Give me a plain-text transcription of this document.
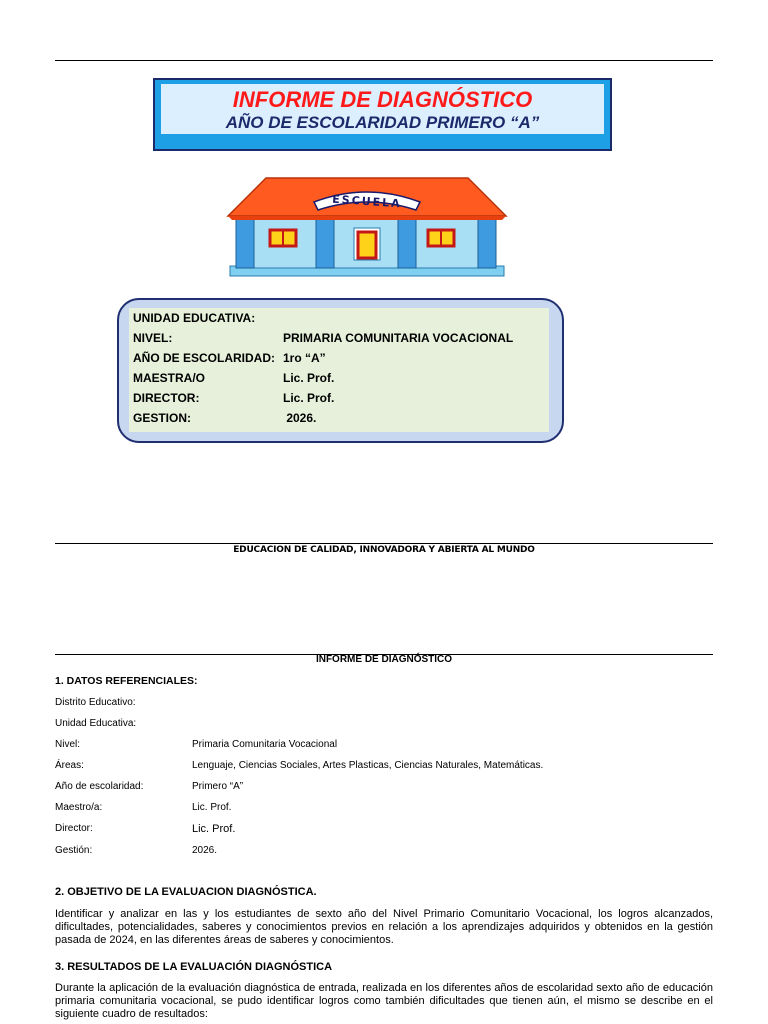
INFORME DE DIAGNÓSTICO
AÑO DE ESCOLARIDAD PRIMERO “A”
ESCUELA
UNIDAD EDUCATIVA:
NIVEL:	PRIMARIA COMUNITARIA VOCACIONAL
AÑO DE ESCOLARIDAD: 1ro “A”
MAESTRA/O	Lic. Prof.
DIRECTOR:	Lic. Prof.
GESTION:	2026.
EDUCACION DE CALIDAD, INNOVADORA Y ABIERTA AL MUNDO
INFORME DE DIAGNÓSTICO
1. DATOS REFERENCIALES:
Distrito Educativo:
Unidad Educativa:
Nivel:	Primaria Comunitaria Vocacional
Áreas:	Lenguaje, Ciencias Sociales, Artes Plasticas, Ciencias Naturales, Matemáticas.
Año de escolaridad:	Primero “A”
Maestro/a:	Lic. Prof.
Director:	Lic. Prof.
Gestión:	2026.
2. OBJETIVO DE LA EVALUACION DIAGNÓSTICA.
Identificar y analizar en las y los estudiantes de sexto año del Nivel Primario Comunitario Vocacional, los logros alcanzados, dificultades, potencialidades, saberes y conocimientos previos en relación a los aprendizajes adquiridos y obtenidos en la gestión pasada de 2024, en las diferentes áreas de saberes y conocimientos.
3. RESULTADOS DE LA EVALUACIÓN DIAGNÓSTICA
Durante la aplicación de la evaluación diagnóstica de entrada, realizada en los diferentes años de escolaridad sexto año de educación primaria comunitaria vocacional, se pudo identificar logros como también dificultades que tienen aún, el mismo se describe en el siguiente cuadro de resultados:
